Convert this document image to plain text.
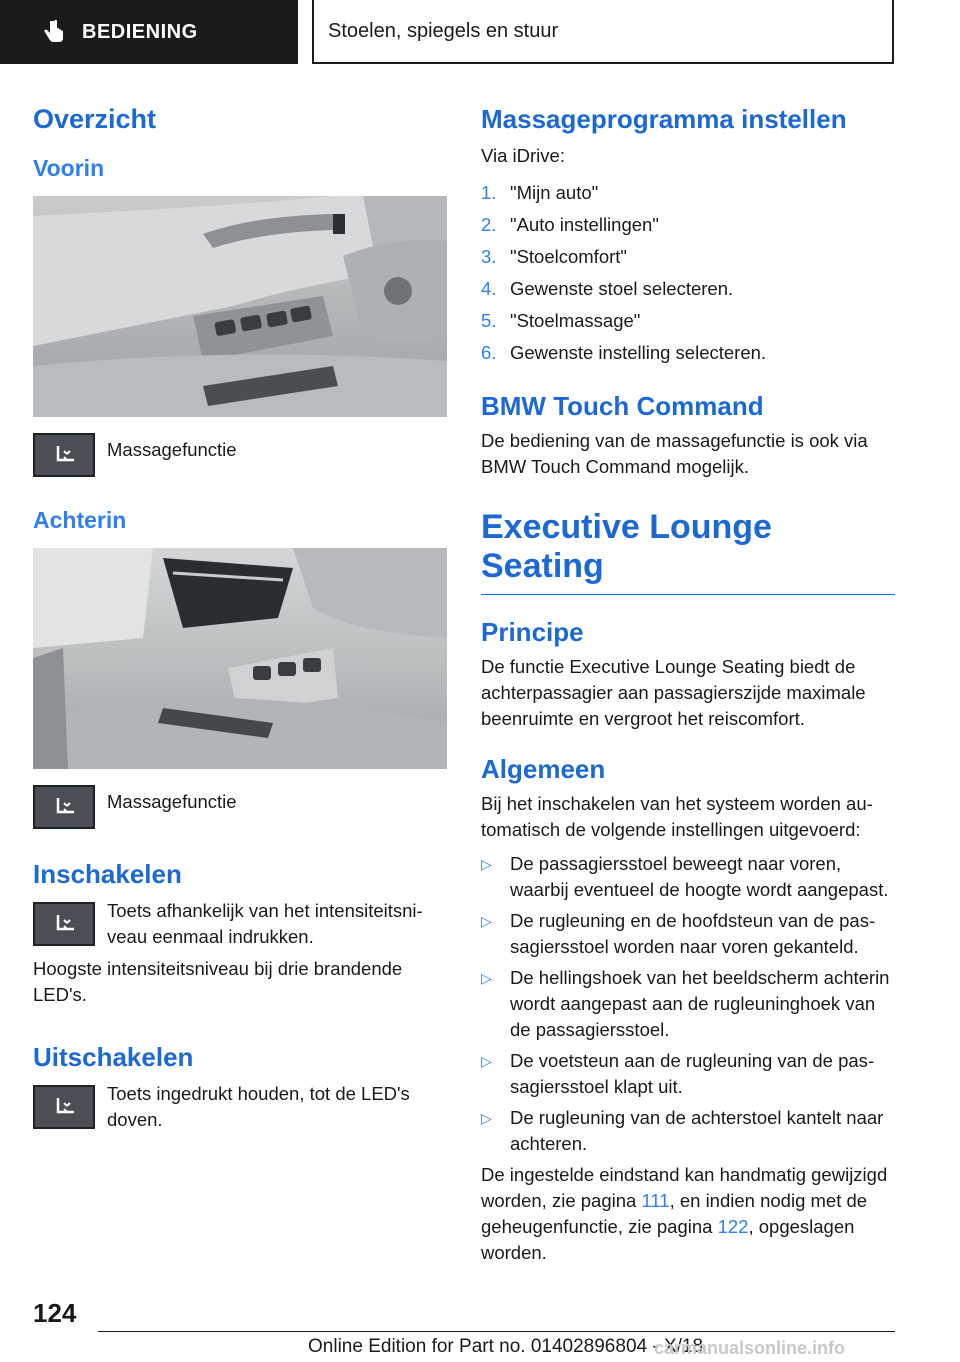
BEDIENING	Stoelen, spiegels en stuur
Overzicht
Voorin
Massagefunctie
Achterin
Massagefunctie
Inschakelen
Toets afhankelijk van het intensiteitsniveau eenmaal indrukken.

Hoogste intensiteitsniveau bij drie brandende LED's.

Uitschakelen
Toets ingedrukt houden, tot de LED's doven.
Massageprogramma instellen

Via iDrive:

1. "Mijn auto"
2. "Auto instellingen"
3. "Stoelcomfort"
4. Gewenste stoel selecteren.
5. "Stoelmassage"
6. Gewenste instelling selecteren.
BMW Touch Command

De bediening van de massagefunctie is ook via BMW Touch Command mogelijk.

Executive Lounge Seating
Principe

De functie Executive Lounge Seating biedt de achterpassagier aan passagierszijde maximale beenruimte en vergroot het reiscomfort.

Algemeen

Bij het inschakelen van het systeem worden automatisch de volgende instellingen uitgevoerd:

▷ De passagiersstoel beweegt naar voren, waarbij eventueel de hoogte wordt aangepast.
▷ De rugleuning en de hoofdsteun van de passagiersstoel worden naar voren gekanteld.
▷ De hellingshoek van het beeldscherm achterin wordt aangepast aan de rugleuninghoek van de passagiersstoel.
▷ De voetsteun aan de rugleuning van de passagiersstoel klapt uit.
▷ De rugleuning van de achterstoel kantelt naar achteren.

De ingestelde eindstand kan handmatig gewijzigd worden, zie pagina 111, en indien nodig met de geheugenfunctie, zie pagina 122, opgeslagen worden.

124
Online Edition for Part no. 01402896804 - X/18
carmanualsonline.info
